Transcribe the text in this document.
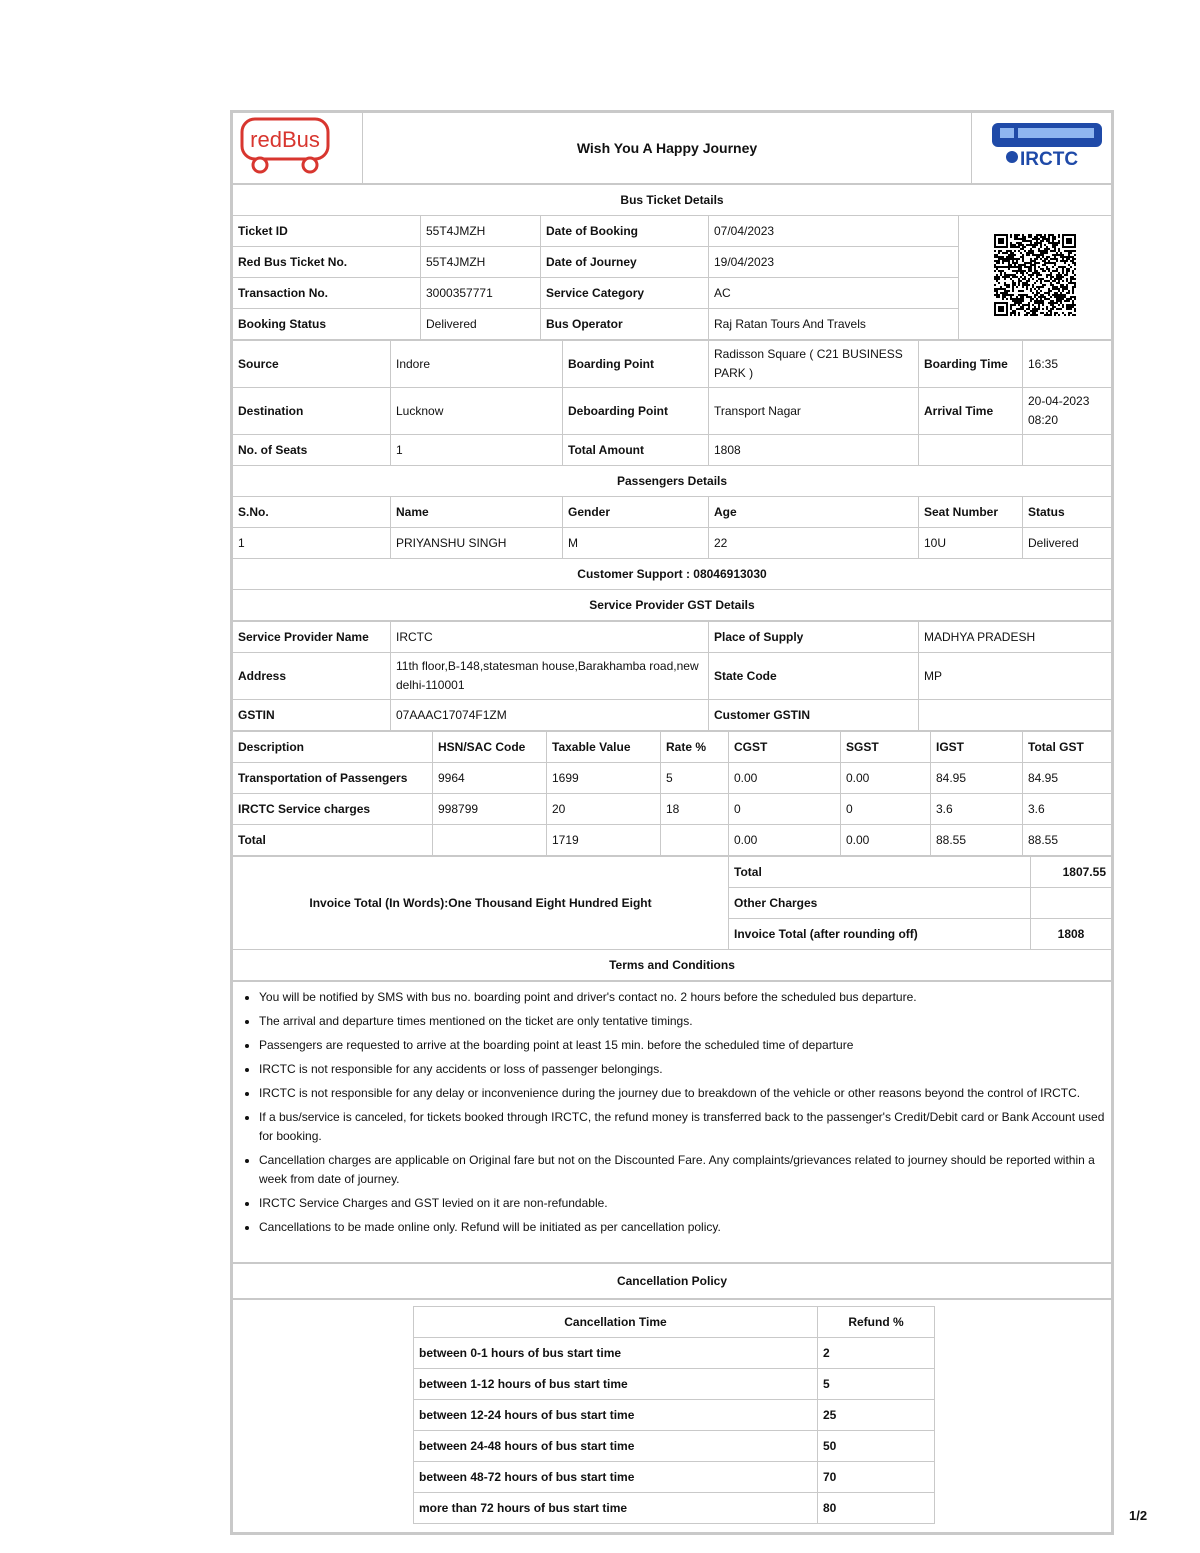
redBus	Wish You A Happy Journey	
IRCTC
Bus Ticket Details				
Ticket ID	55T4JMZH	Date of Booking	07/04/2023	
Red Bus Ticket No.	55T4JMZH	Date of Journey	19/04/2023	
Transaction No.	3000357771	Service Category	AC	
Booking Status	Delivered	Bus Operator	Raj Ratan Tours And Travels	
Source	Indore	Boarding Point	Radisson Square ( C21 BUSINESS PARK )	Boarding Time	16:35
Destination	Lucknow	Deboarding Point	Transport Nagar	Arrival Time	20-04-2023 08:20
No. of Seats	1	Total Amount	1808		
Passengers Details					
S.No.	Name	Gender	Age	Seat Number	Status
1	PRIYANSHU SINGH	M	22	10U	Delivered
Customer Support : 08046913030					
Service Provider GST Details					
Service Provider Name	IRCTC	Place of Supply	MADHYA PRADESH
Address	11th floor,B-148,statesman house,Barakhamba road,new delhi-110001	State Code	MP
GSTIN	07AAAC17074F1ZM	Customer GSTIN	
Description	HSN/SAC Code	Taxable Value	Rate %	CGST	SGST	IGST	Total GST
Transportation of Passengers	9964	1699	5	0.00	0.00	84.95	84.95
IRCTC Service charges	998799	20	18	0	0	3.6	3.6
Total		1719		0.00	0.00	88.55	88.55
Invoice Total (In Words):One Thousand Eight Hundred Eight	Total	1807.55
	Other Charges	
	Invoice Total (after rounding off)	1808
Terms and Conditions		
• You will be notified by SMS with bus no. boarding point and driver's contact no. 2 hours before the scheduled bus departure.
• The arrival and departure times mentioned on the ticket are only tentative timings.
• Passengers are requested to arrive at the boarding point at least 15 min. before the scheduled time of departure
• IRCTC is not responsible for any accidents or loss of passenger belongings.
• IRCTC is not responsible for any delay or inconvenience during the journey due to breakdown of the vehicle or other reasons beyond the control of IRCTC.
• If a bus/service is canceled, for tickets booked through IRCTC, the refund money is transferred back to the passenger's Credit/Debit card or Bank Account used for booking.
• Cancellation charges are applicable on Original fare but not on the Discounted Fare. Any complaints/grievances related to journey should be reported within a week from date of journey.
• IRCTC Service Charges and GST levied on it are non-refundable.
• Cancellations to be made online only. Refund will be initiated as per cancellation policy.
Cancellation Policy
Cancellation Time	Refund %
between 0-1 hours of bus start time	2
between 1-12 hours of bus start time	5
between 12-24 hours of bus start time	25
between 24-48 hours of bus start time	50
between 48-72 hours of bus start time	70
more than 72 hours of bus start time	80
1/2
